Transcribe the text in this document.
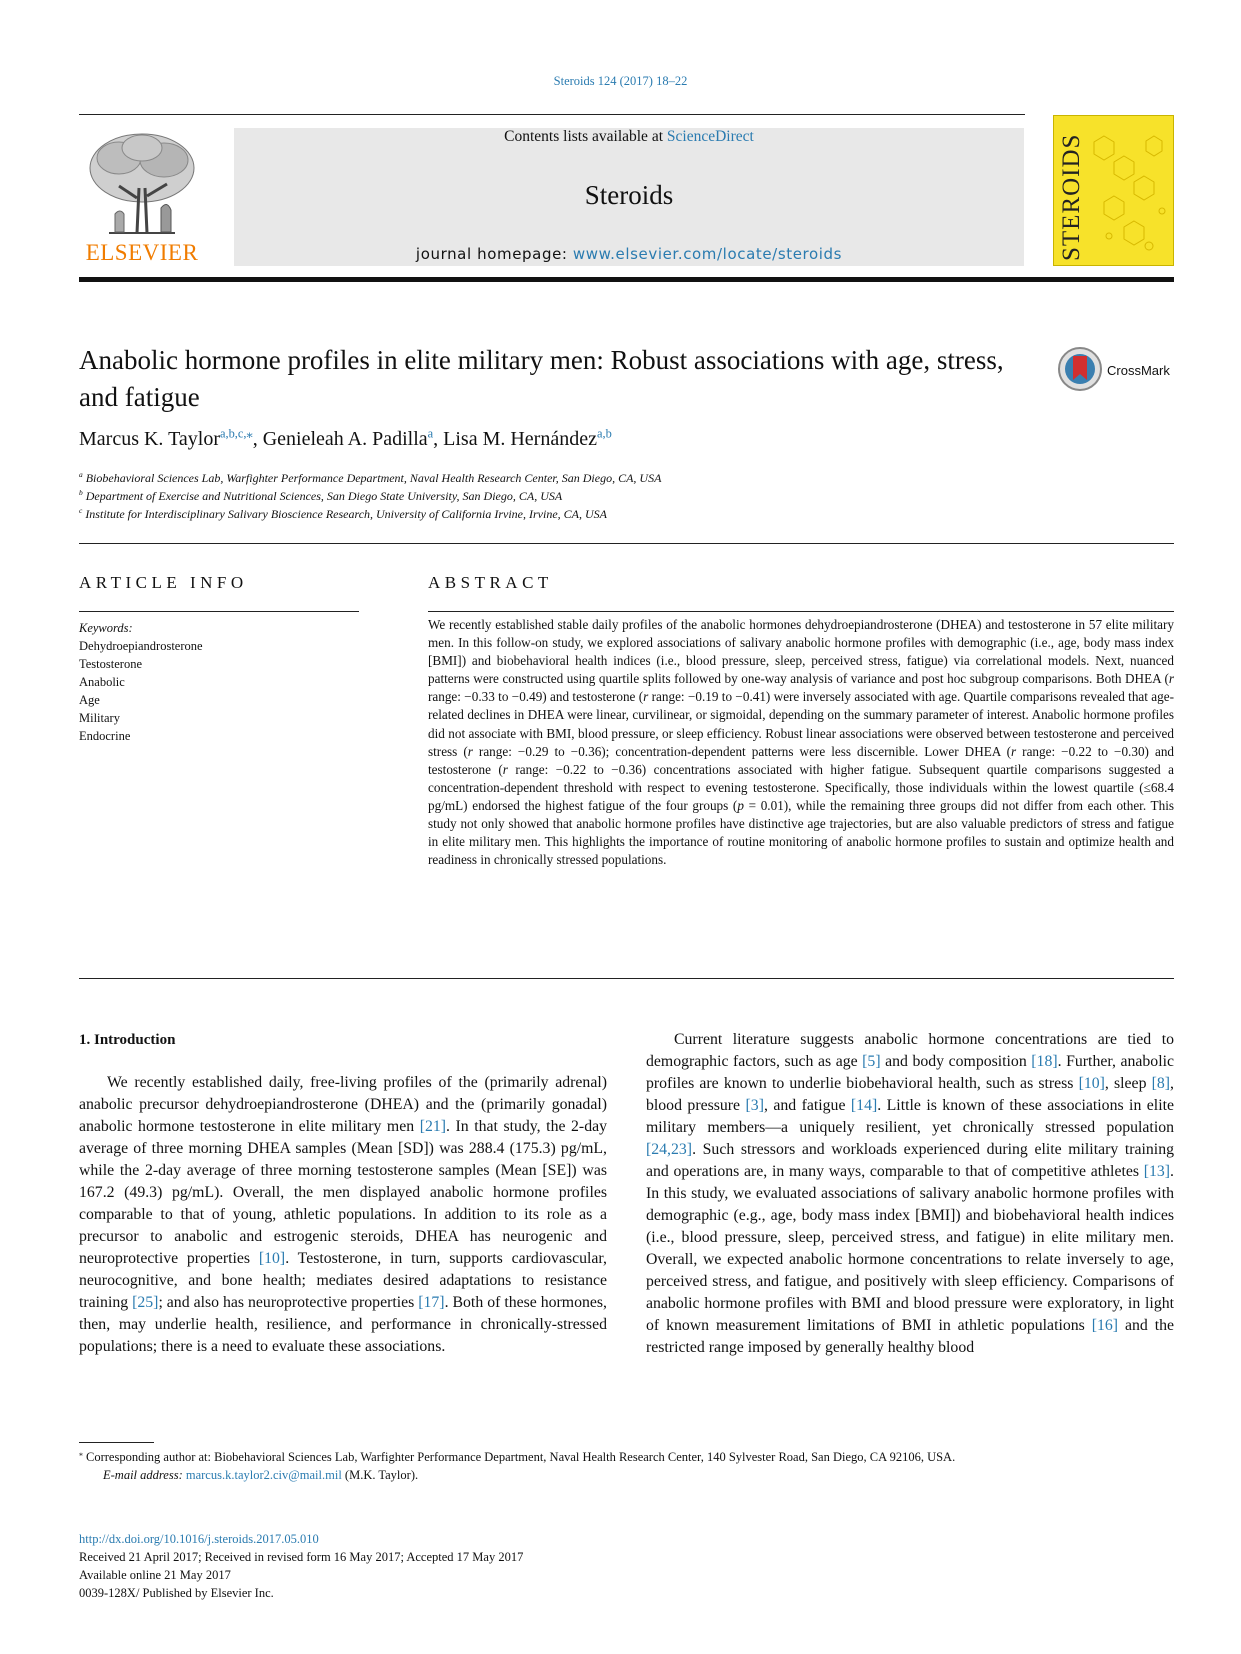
Steroids 124 (2017) 18–22
ELSEVIER
Contents lists available at ScienceDirect
Steroids
journal homepage: www.elsevier.com/locate/steroids	STEROIDS
Anabolic hormone profiles in elite military men: Robust associations with age, stress, and fatigue
CrossMark
Marcus K. Taylor$^{a,b,c,⁎}$, Genieleah A. Padilla$^a$, Lisa M. Hernández$^{a,b}$
$^a$ Biobehavioral Sciences Lab, Warfighter Performance Department, Naval Health Research Center, San Diego, CA, USA
$^b$ Department of Exercise and Nutritional Sciences, San Diego State University, San Diego, CA, USA
$^c$ Institute for Interdisciplinary Salivary Bioscience Research, University of California Irvine, Irvine, CA, USA
ARTICLE INFO	ABSTRACT
Keywords:
Dehydroepiandrosterone
Testosterone
Anabolic
Age
Military
Endocrine

We recently established stable daily profiles of the anabolic hormones dehydroepiandrosterone (DHEA) and testosterone in 57 elite military men. In this follow-on study, we explored associations of salivary anabolic hormone profiles with demographic (i.e., age, body mass index [BMI]) and biobehavioral health indices (i.e., blood pressure, sleep, perceived stress, fatigue) via correlational models. Next, nuanced patterns were constructed using quartile splits followed by one-way analysis of variance and post hoc subgroup comparisons. Both DHEA (r range: −0.33 to −0.49) and testosterone (r range: −0.19 to −0.41) were inversely associated with age. Quartile comparisons revealed that age-related declines in DHEA were linear, curvilinear, or sigmoidal, depending on the summary parameter of interest. Anabolic hormone profiles did not associate with BMI, blood pressure, or sleep efficiency. Robust linear associations were observed between testosterone and perceived stress (r range: −0.29 to −0.36); concentration-dependent patterns were less discernible. Lower DHEA (r range: −0.22 to −0.30) and testosterone (r range: −0.22 to −0.36) concentrations associated with higher fatigue. Subsequent quartile comparisons suggested a concentration-dependent threshold with respect to evening testosterone. Specifically, those individuals within the lowest quartile (≤68.4 pg/mL) endorsed the highest fatigue of the four groups (p = 0.01), while the remaining three groups did not differ from each other. This study not only showed that anabolic hormone profiles have distinctive age trajectories, but are also valuable predictors of stress and fatigue in elite military men. This highlights the importance of routine monitoring of anabolic hormone profiles to sustain and optimize health and readiness in chronically stressed populations.

1. Introduction

We recently established daily, free-living profiles of the (primarily adrenal) anabolic precursor dehydroepiandrosterone (DHEA) and the (primarily gonadal) anabolic hormone testosterone in elite military men [21]. In that study, the 2-day average of three morning DHEA samples (Mean [SD]) was 288.4 (175.3) pg/mL, while the 2-day average of three morning testosterone samples (Mean [SE]) was 167.2 (49.3) pg/mL). Overall, the men displayed anabolic hormone profiles comparable to that of young, athletic populations. In addition to its role as a precursor to anabolic and estrogenic steroids, DHEA has neurogenic and neuroprotective properties [10]. Testosterone, in turn, supports cardiovascular, neurocognitive, and bone health; mediates desired adaptations to resistance training [25]; and also has neuroprotective properties [17]. Both of these hormones, then, may underlie health, resilience, and performance in chronically-stressed populations; there is a need to evaluate these associations.

Current literature suggests anabolic hormone concentrations are tied to demographic factors, such as age [5] and body composition [18]. Further, anabolic profiles are known to underlie biobehavioral health, such as stress [10], sleep [8], blood pressure [3], and fatigue [14]. Little is known of these associations in elite military members—a uniquely resilient, yet chronically stressed population [24,23]. Such stressors and workloads experienced during elite military training and operations are, in many ways, comparable to that of competitive athletes [13]. In this study, we evaluated associations of salivary anabolic hormone profiles with demographic (e.g., age, body mass index [BMI]) and biobehavioral health indices (i.e., blood pressure, sleep, perceived stress, and fatigue) in elite military men. Overall, we expected anabolic hormone concentrations to relate inversely to age, perceived stress, and fatigue, and positively with sleep efficiency. Comparisons of anabolic hormone profiles with BMI and blood pressure were exploratory, in light of known measurement limitations of BMI in athletic populations [16] and the restricted range imposed by generally healthy blood

⁎ Corresponding author at: Biobehavioral Sciences Lab, Warfighter Performance Department, Naval Health Research Center, 140 Sylvester Road, San Diego, CA 92106, USA.
E-mail address: marcus.k.taylor2.civ@mail.mil (M.K. Taylor).
http://dx.doi.org/10.1016/j.steroids.2017.05.010
Received 21 April 2017; Received in revised form 16 May 2017; Accepted 17 May 2017
Available online 21 May 2017
0039-128X/ Published by Elsevier Inc.
